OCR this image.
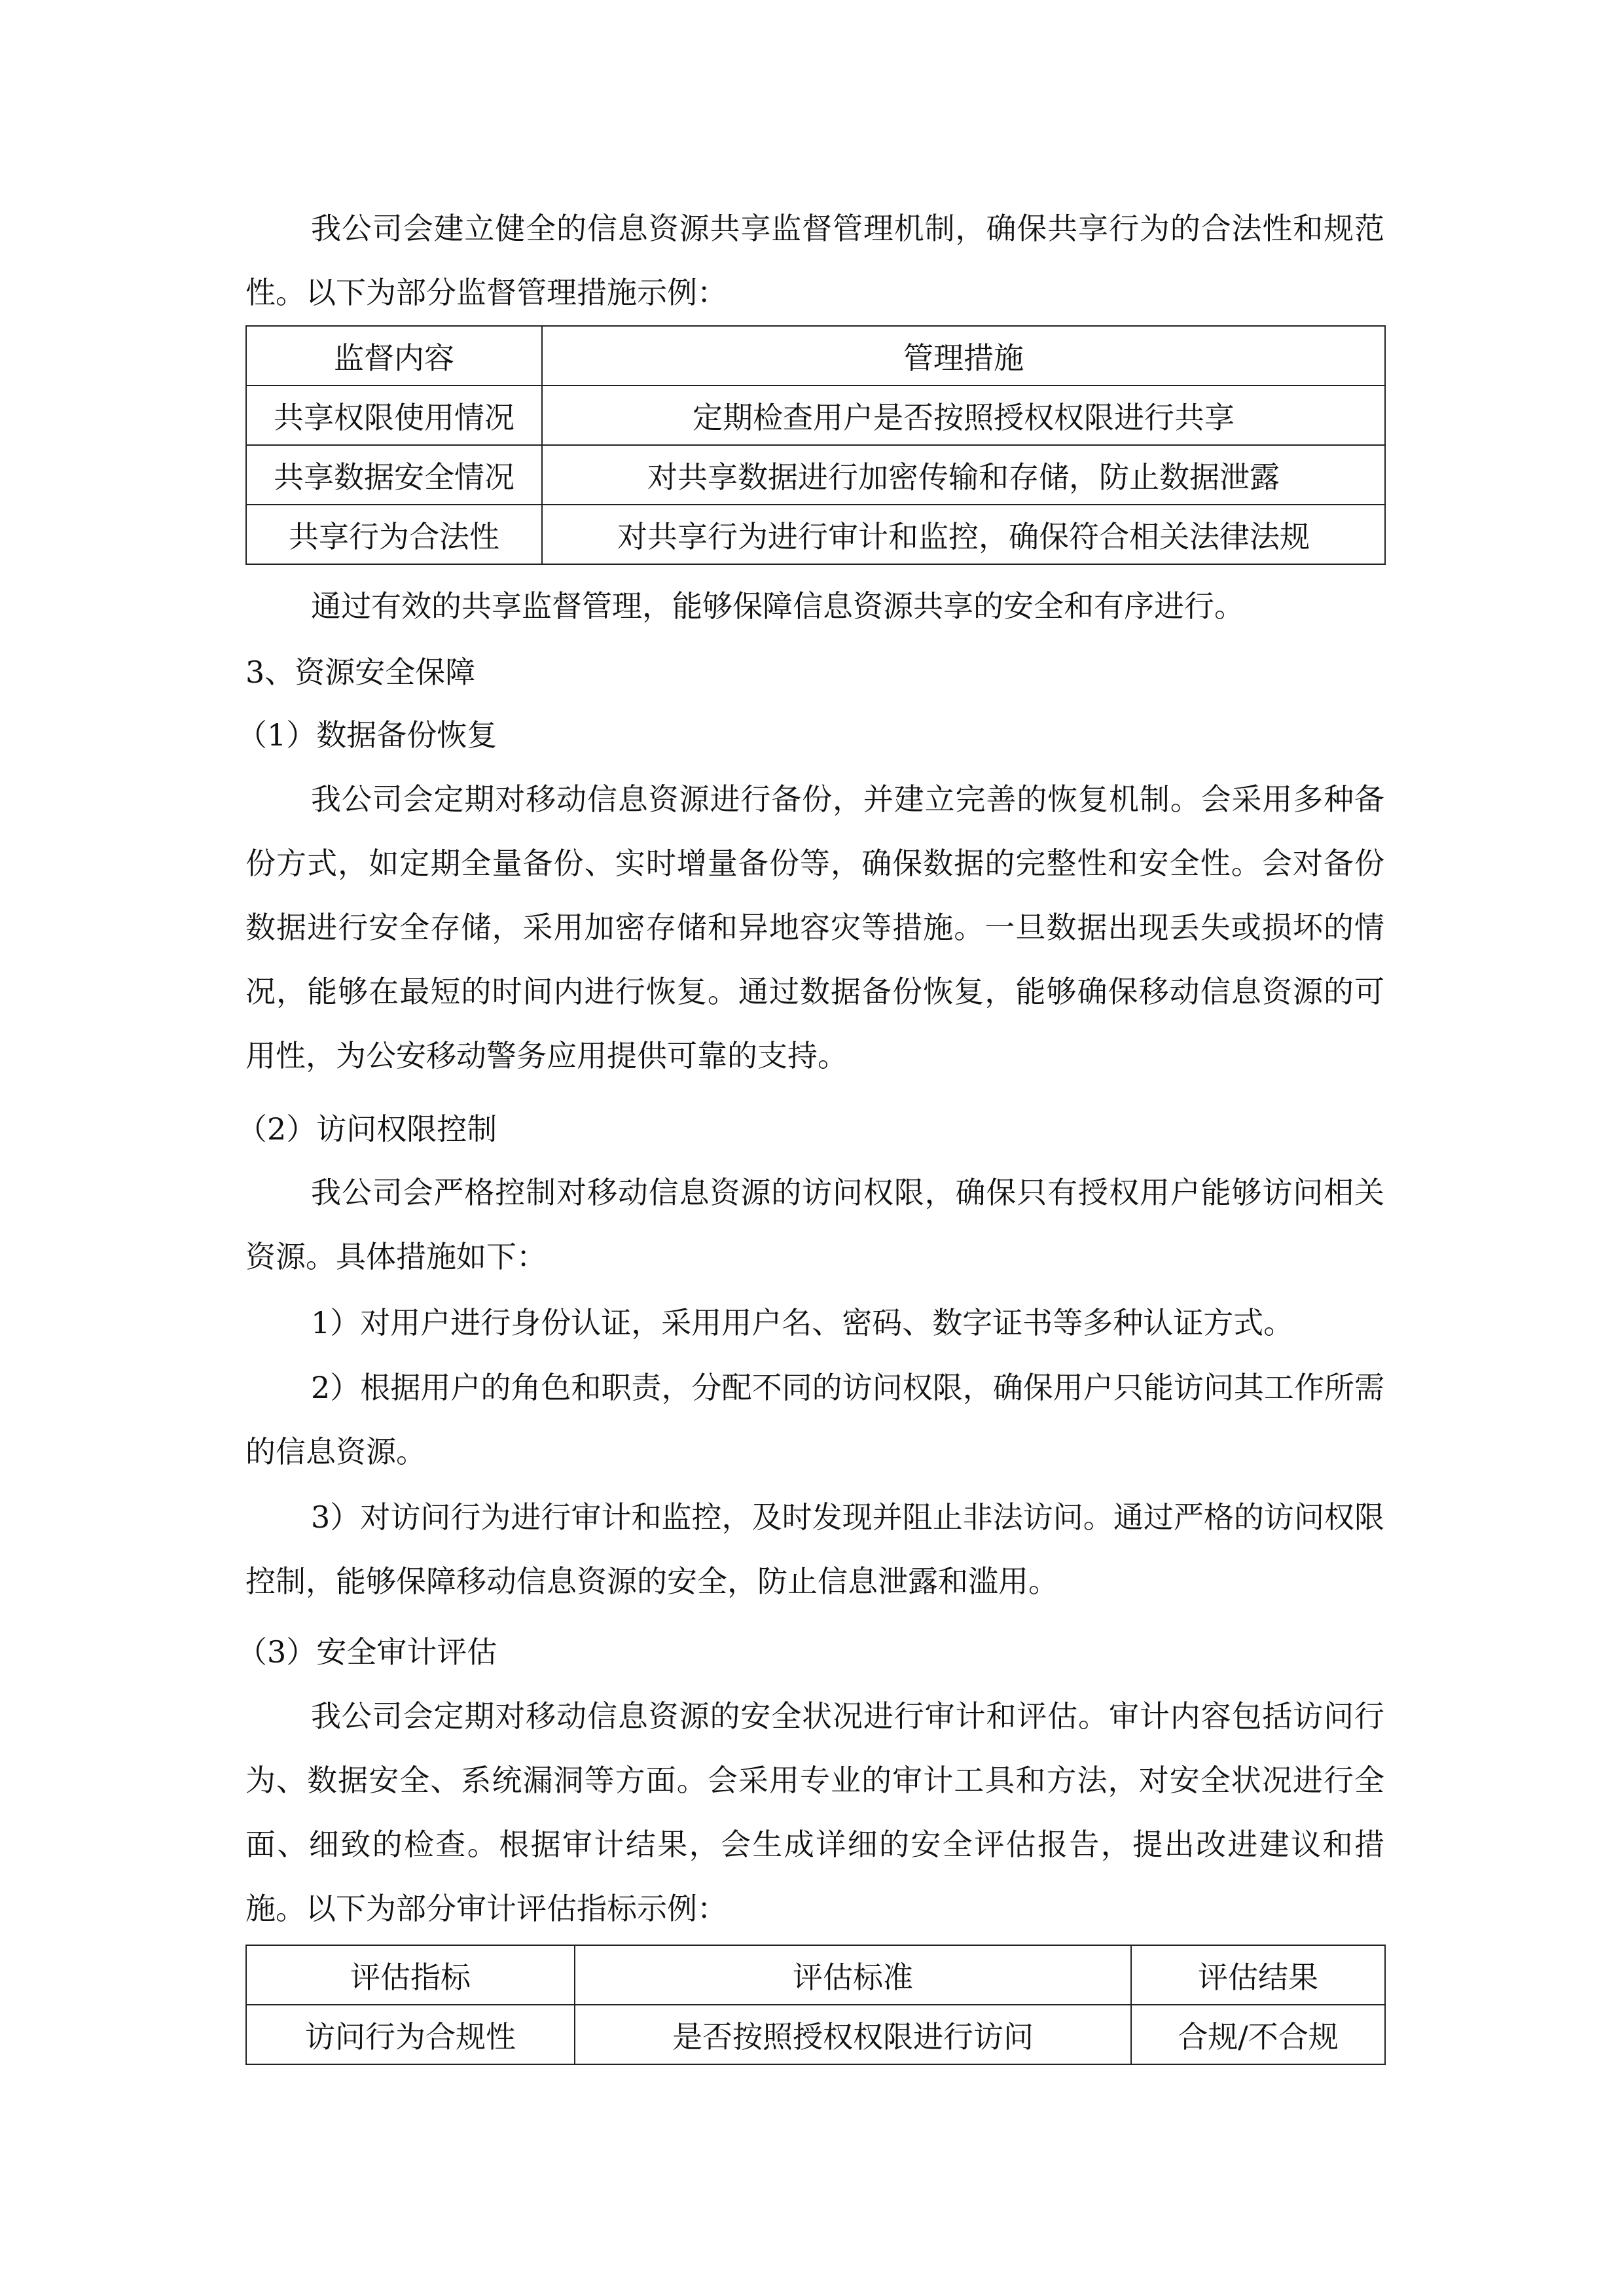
我公司会建立健全的信息资源共享监督管理机制，确保共享行为的合法性和规范性。以下为部分监督管理措施示例：

监督内容	管理措施
共享权限使用情况	定期检查用户是否按照授权权限进行共享
共享数据安全情况	对共享数据进行加密传输和存储，防止数据泄露
共享行为合法性	对共享行为进行审计和监控，确保符合相关法律法规

通过有效的共享监督管理，能够保障信息资源共享的安全和有序进行。

3、资源安全保障

（1）数据备份恢复

我公司会定期对移动信息资源进行备份，并建立完善的恢复机制。会采用多种备份方式，如定期全量备份、实时增量备份等，确保数据的完整性和安全性。会对备份数据进行安全存储，采用加密存储和异地容灾等措施。一旦数据出现丢失或损坏的情况，能够在最短的时间内进行恢复。通过数据备份恢复，能够确保移动信息资源的可用性，为公安移动警务应用提供可靠的支持。

（2）访问权限控制

我公司会严格控制对移动信息资源的访问权限，确保只有授权用户能够访问相关资源。具体措施如下：

1）对用户进行身份认证，采用用户名、密码、数字证书等多种认证方式。

2）根据用户的角色和职责，分配不同的访问权限，确保用户只能访问其工作所需的信息资源。

3）对访问行为进行审计和监控，及时发现并阻止非法访问。通过严格的访问权限控制，能够保障移动信息资源的安全，防止信息泄露和滥用。

（3）安全审计评估

我公司会定期对移动信息资源的安全状况进行审计和评估。审计内容包括访问行为、数据安全、系统漏洞等方面。会采用专业的审计工具和方法，对安全状况进行全面、细致的检查。根据审计结果，会生成详细的安全评估报告，提出改进建议和措施。以下为部分审计评估指标示例：

评估指标	评估标准	评估结果
访问行为合规性	是否按照授权权限进行访问	合规/不合规
